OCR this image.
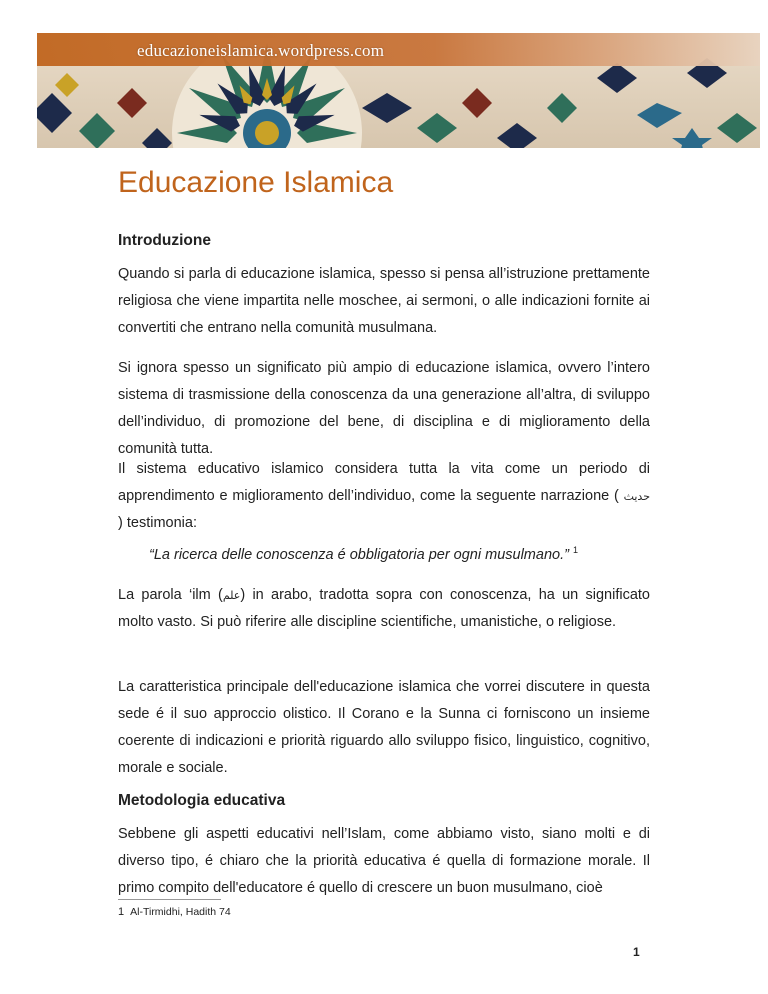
educazioneislamica.wordpress.com
Educazione Islamica
Introduzione

Quando si parla di educazione islamica, spesso si pensa all’istruzione prettamente religiosa che viene impartita nelle moschee, ai sermoni, o alle indicazioni fornite ai convertiti che entrano nella comunità musulmana.

Si ignora spesso un significato più ampio di educazione islamica, ovvero l’intero sistema di trasmissione della conoscenza da una generazione all’altra, di sviluppo dell’individuo, di promozione del bene, di disciplina e di miglioramento della comunità tutta.

Il sistema educativo islamico considera tutta la vita come un periodo di apprendimento e miglioramento dell’individuo, come la seguente narrazione ( حديث ) testimonia:

“La ricerca delle conoscenza é obbligatoria per ogni musulmano.” $^1$

La parola ‘ilm (علم) in arabo, tradotta sopra con conoscenza, ha un significato molto vasto. Si può riferire alle discipline scientifiche, umanistiche, o religiose.

La caratteristica principale dell'educazione islamica che vorrei discutere in questa sede é il suo approccio olistico. Il Corano e la Sunna ci forniscono un insieme coerente di indicazioni e priorità riguardo allo sviluppo fisico, linguistico, cognitivo, morale e sociale.

Metodologia educativa

Sebbene gli aspetti educativi nell’Islam, come abbiamo visto, siano molti e di diverso tipo, é chiaro che la priorità educativa é quella di formazione morale. Il primo compito dell'educatore é quello di crescere un buon musulmano, cioè

1 Al-Tirmidhi, Hadith 74
1
